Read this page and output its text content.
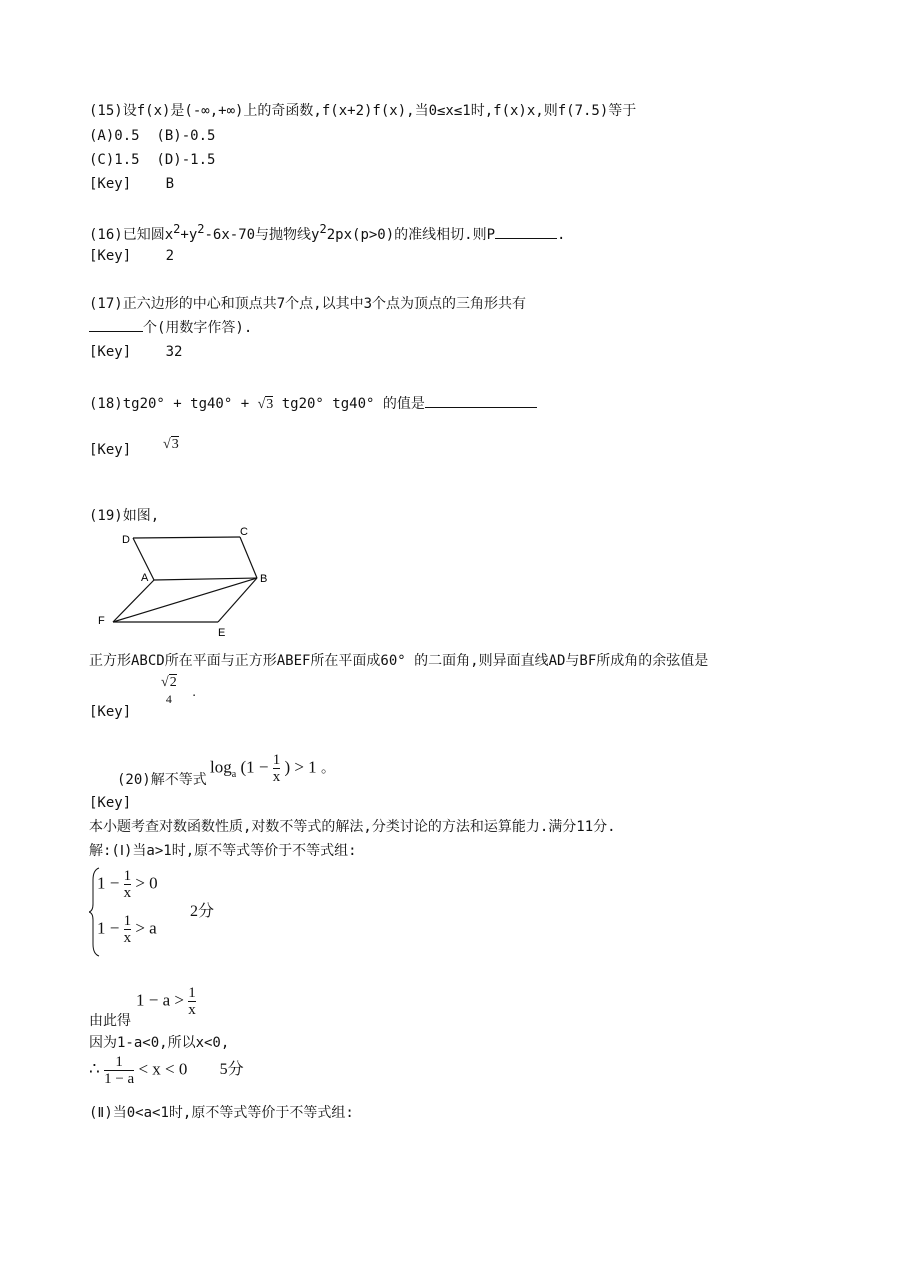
(15)设f(x)是(-∞,+∞)上的奇函数,f(x+2)f(x),当0≤x≤1时,f(x)x,则f(7.5)等于
(A)0.5  (B)-0.5
(C)1.5  (D)-1.5
[Key] B
(16)已知圆x2+y2-6x-70与抛物线y22px(p>0)的准线相切.则P	.
[Key] 2
(17)正六边形的中心和顶点共7个点,以其中3个点为顶点的三角形共有
个(用数字作答).
[Key] 32
(18)tg20° + tg40° + √3 tg20° tg40° 的值是
[Key] √3
(19)如图,
D
C
A	B
F
E
正方形ABCD所在平面与正方形ABEF所在平面成60° 的二面角,则异面直线AD与BF所成角的余弦值是
[Key]
√2
4 .
(20)解不等式
$\log_a (1 - \frac{1}{x}$ ) > 1 。
[Key]
本小题考查对数函数性质,对数不等式的解法,分类讨论的方法和运算能力.满分11分.
解:(Ⅰ)当a>1时,原不等式等价于不等式组:
$1 - \frac{1}{x} > 0$
2分
$1 - \frac{1}{x} > a$
$1 - a > \frac{1}{x}$
由此得
因为1-a<0,所以x<0,
∴ $\frac{1}{1 - a} < x < 0$ 5分
(Ⅱ)当0<a<1时,原不等式等价于不等式组:
